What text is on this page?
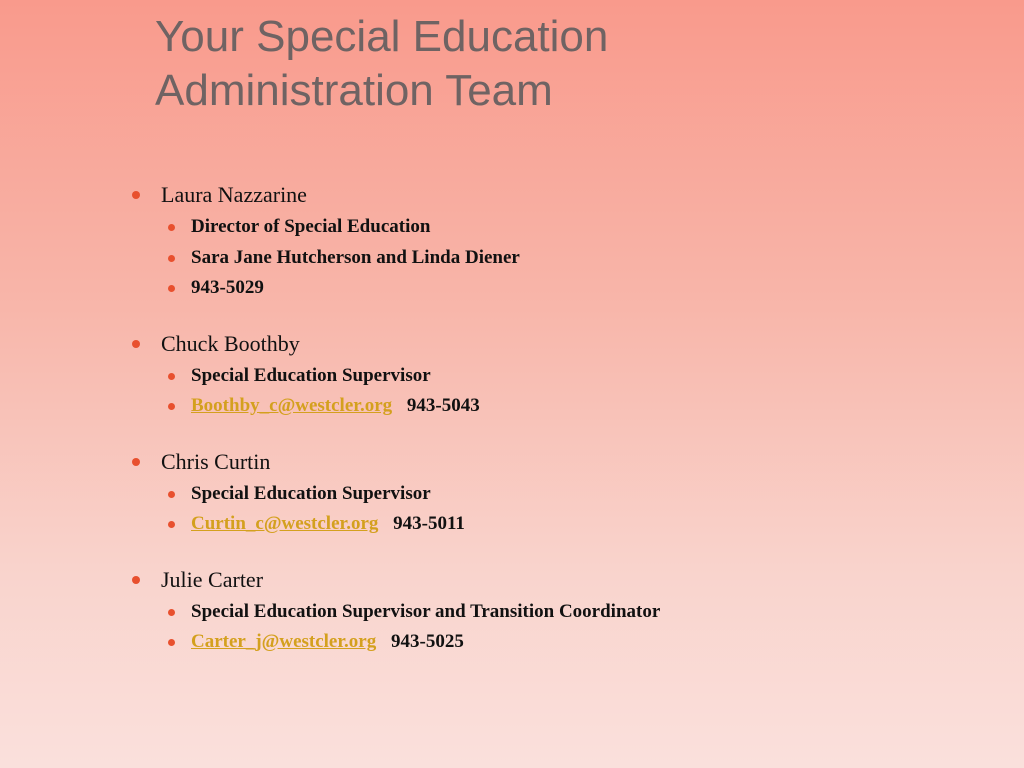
Your Special Education
Administration Team
Laura Nazzarine
Director of Special Education
Sara Jane Hutcherson and Linda Diener
943-5029
Chuck Boothby
Special Education Supervisor
Boothby_c@westcler.org 943-5043
Chris Curtin
Special Education Supervisor
Curtin_c@westcler.org 943-5011
Julie Carter
Special Education Supervisor and Transition Coordinator
Carter_j@westcler.org 943-5025
